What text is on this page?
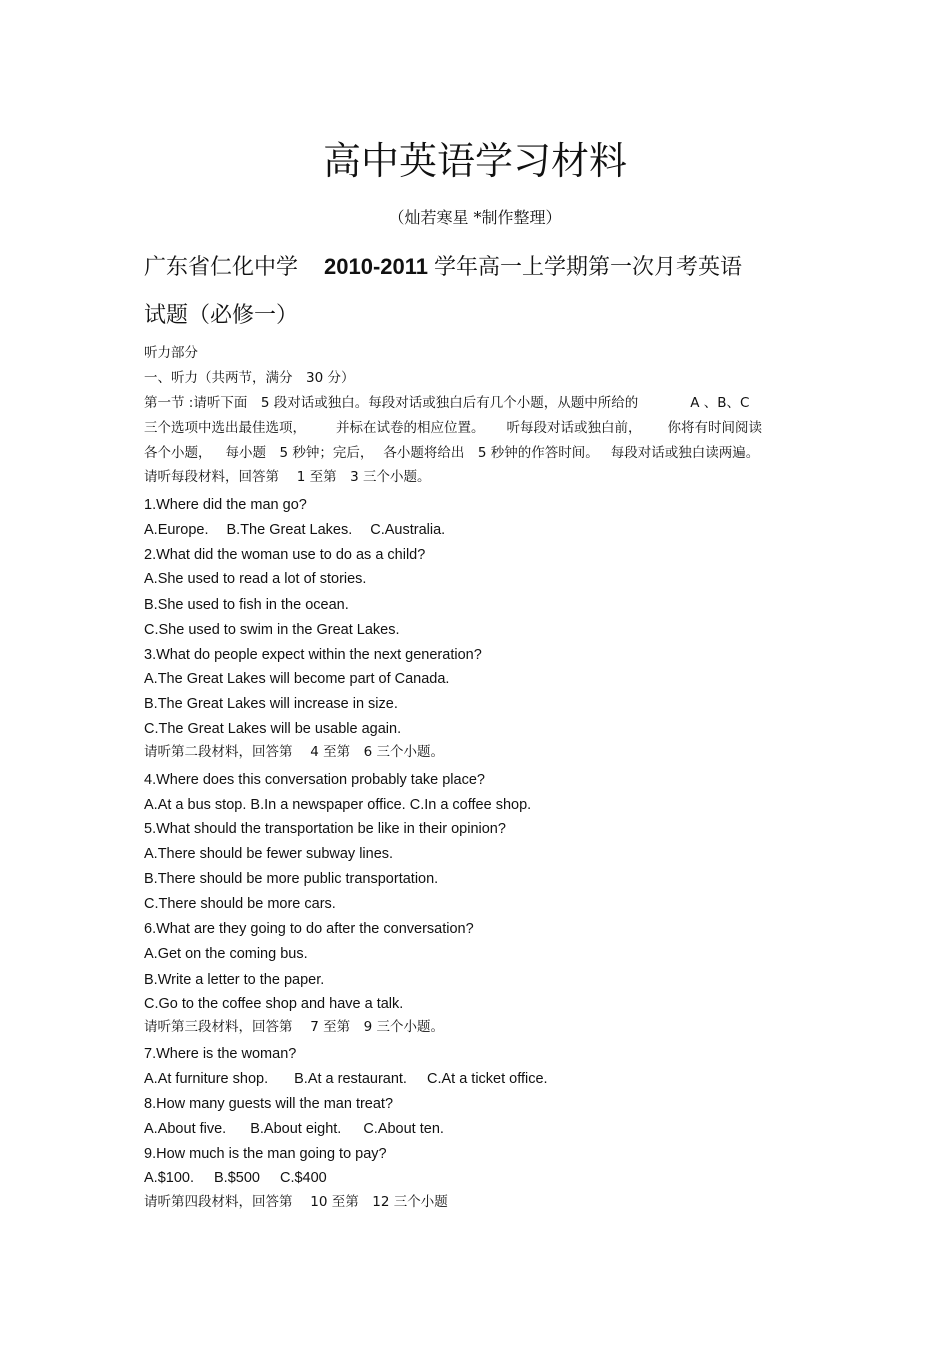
高中英语学习材料
（灿若寒星 *制作整理）
广东省仁化中学 2010-2011 学年高一上学期第一次月考英语
试题（必修一）
听力部分
一、听力（共两节，满分　30 分）
第一节 :请听下面　5 段对话或独白。每段对话或独白后有几个小题，从题中所给的	A 、B、C
三个选项中选出最佳选项， 并标在试卷的相应位置。 听每段对话或独白前， 你将有时间阅读
各个小题， 每小题　5 秒钟；完后， 各小题将给出　5 秒钟的作答时间。 每段对话或独白读两遍。
请听每段材料，回答第　 1 至第　3 三个小题。
1.Where did the man go?
A.Europe. B.The Great Lakes. C.Australia.
2.What did the woman use to do as a child?
A.She used to read a lot of stories.
B.She used to fish in the ocean.
C.She used to swim in the Great Lakes.
3.What do people expect within the next generation?
A.The Great Lakes will become part of Canada.
B.The Great Lakes will increase in size.
C.The Great Lakes will be usable again.
请听第二段材料，回答第　 4 至第　6 三个小题。
4.Where does this conversation probably take place?
A.At a bus stop. B.In a newspaper office. C.In a coffee shop.
5.What should the transportation be like in their opinion?
A.There should be fewer subway lines.
B.There should be more public transportation.
C.There should be more cars.
6.What are they going to do after the conversation?
A.Get on the coming bus.
B.Write a letter to the paper.
C.Go to the coffee shop and have a talk.
请听第三段材料，回答第　 7 至第　9 三个小题。
7.Where is the woman?
A.At furniture shop. B.At a restaurant. C.At a ticket office.
8.How many guests will the man treat?
A.About five. B.About eight. C.About ten.
9.How much is the man going to pay?
A.$100. B.$500 C.$400
请听第四段材料，回答第　 10 至第　12 三个小题
